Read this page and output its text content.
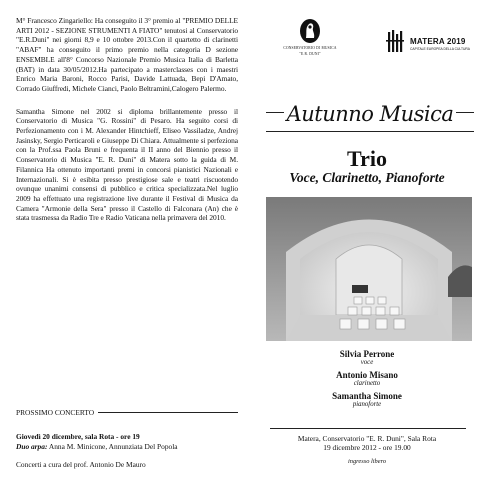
M° Francesco Zingariello: Ha conseguito il 3° premio al "PREMIO DELLE ARTI 2012 - SEZIONE STRUMENTI A FIATO" tenutosi al Conservatorio "E.R.Duni" nei giorni 8,9 e 10 ottobre 2013.Con il quartetto di clarinetti "ABAF" ha conseguito il primo premio nella categoria D sezione ENSEMBLE all'8° Concorso Nazionale Premio Musica Italia di Barletta (BAT) in data 30/05/2012.Ha partecipato a masterclasses con i maestri Enrico Maria Baroni, Rocco Parisi, Davide Lattuada, Bepi D'Amato, Corrado Giuffredi, Michele Cianci, Paolo Beltramini,Calogero Palermo.

Samantha Simone nel 2002 si diploma brillantemente presso il Conservatorio di Musica "G. Rossini" di Pesaro. Ha seguito corsi di Perfezionamento con i M. Alexander Hintchieff, Eliseo Vassiladze, Andrej Jasinsky, Sergio Perticaroli e Giuseppe Di Chiara. Attualmente si perfeziona con la Prof.ssa Paola Bruni e frequenta il II anno del Biennio presso il Conservatorio di Musica "E. R. Duni" di Matera sotto la guida di M. Filannica Ha ottenuto importanti premi in concorsi pianistici Nazionali e Internazionali. Si è esibita presso prestigiose sale e teatri riscuotendo ovunque unanimi consensi di pubblico e critica specializzata.Nel luglio 2009 ha effettuato una registrazione live durante il Festival di Musica da Camera "Armonie della Sera" presso il Castello di Falconara (An) che è stata trasmessa da Radio Tre e Radio Vaticana nella primavera del 2010.

PROSSIMO CONCERTO
Giovedì 20 dicembre, sala Rota - ore 19
Duo arpa: Anna M. Minicone, Annunziata Del Popola
Concerti a cura del prof. Antonio De Mauro
CONSERVATORIO DI MUSICA
"E.R. DUNI"
MATERA 2019
CAPITALE EUROPEA DELLA CULTURA
Autunno Musica
Trio
Voce, Clarinetto, Pianoforte
Silvia Perrone
voce
Antonio Misano
clarinetto
Samantha Simone
pianoforte
Matera, Conservatorio "E. R. Duni", Sala Rota
19 dicembre 2012 - ore 19.00
ingresso libero
